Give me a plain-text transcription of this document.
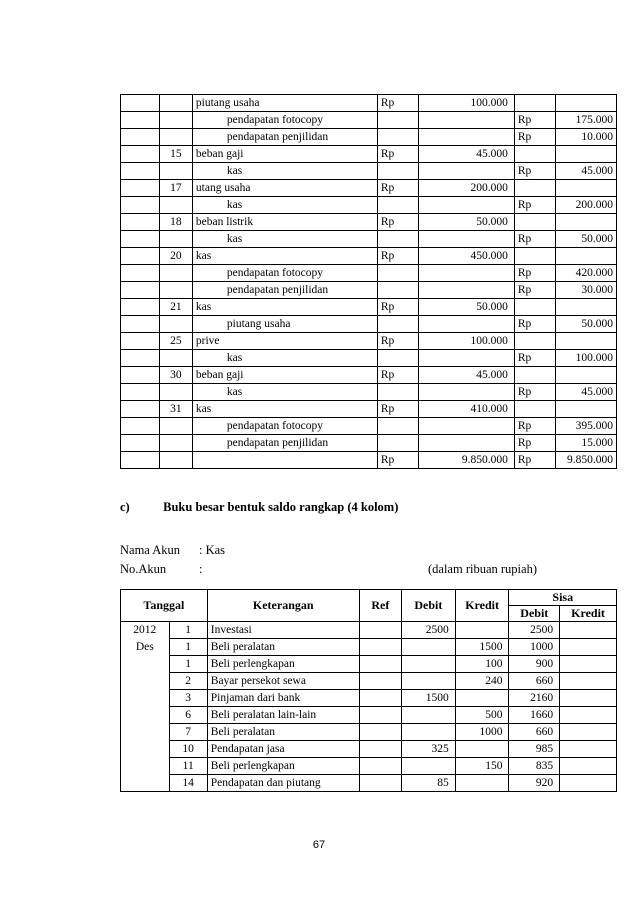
		piutang usaha	Rp	100.000		
		pendapatan fotocopy			Rp	175.000
		pendapatan penjilidan			Rp	10.000
	15	beban gaji	Rp	45.000		
		kas			Rp	45.000
	17	utang usaha	Rp	200.000		
		kas			Rp	200.000
	18	beban listrik	Rp	50.000		
		kas			Rp	50.000
	20	kas	Rp	450.000		
		pendapatan fotocopy			Rp	420.000
		pendapatan penjilidan			Rp	30.000
	21	kas	Rp	50.000		
		piutang usaha			Rp	50.000
	25	prive	Rp	100.000		
		kas			Rp	100.000
	30	beban gaji	Rp	45.000		
		kas			Rp	45.000
	31	kas	Rp	410.000		
		pendapatan fotocopy			Rp	395.000
		pendapatan penjilidan			Rp	15.000
			Rp	9.850.000	Rp	9.850.000
c)	Buku besar bentuk saldo rangkap (4 kolom)
Nama Akun : Kas
No.Akun	:	(dalam ribuan rupiah)
Tanggal		Keterangan	Ref	Debit	Kredit	Sisa	
						Debit	Kredit
2012	1	Investasi		2500		2500	
Des	1	Beli peralatan			1500	1000	
	1	Beli perlengkapan			100	900	
	2	Bayar persekot sewa			240	660	
	3	Pinjaman dari bank		1500		2160	
	6	Beli peralatan lain-lain			500	1660	
	7	Beli peralatan			1000	660	
	10	Pendapatan jasa		325		985	
	11	Beli perlengkapan			150	835	
	14	Pendapatan dan piutang		85		920	
67
